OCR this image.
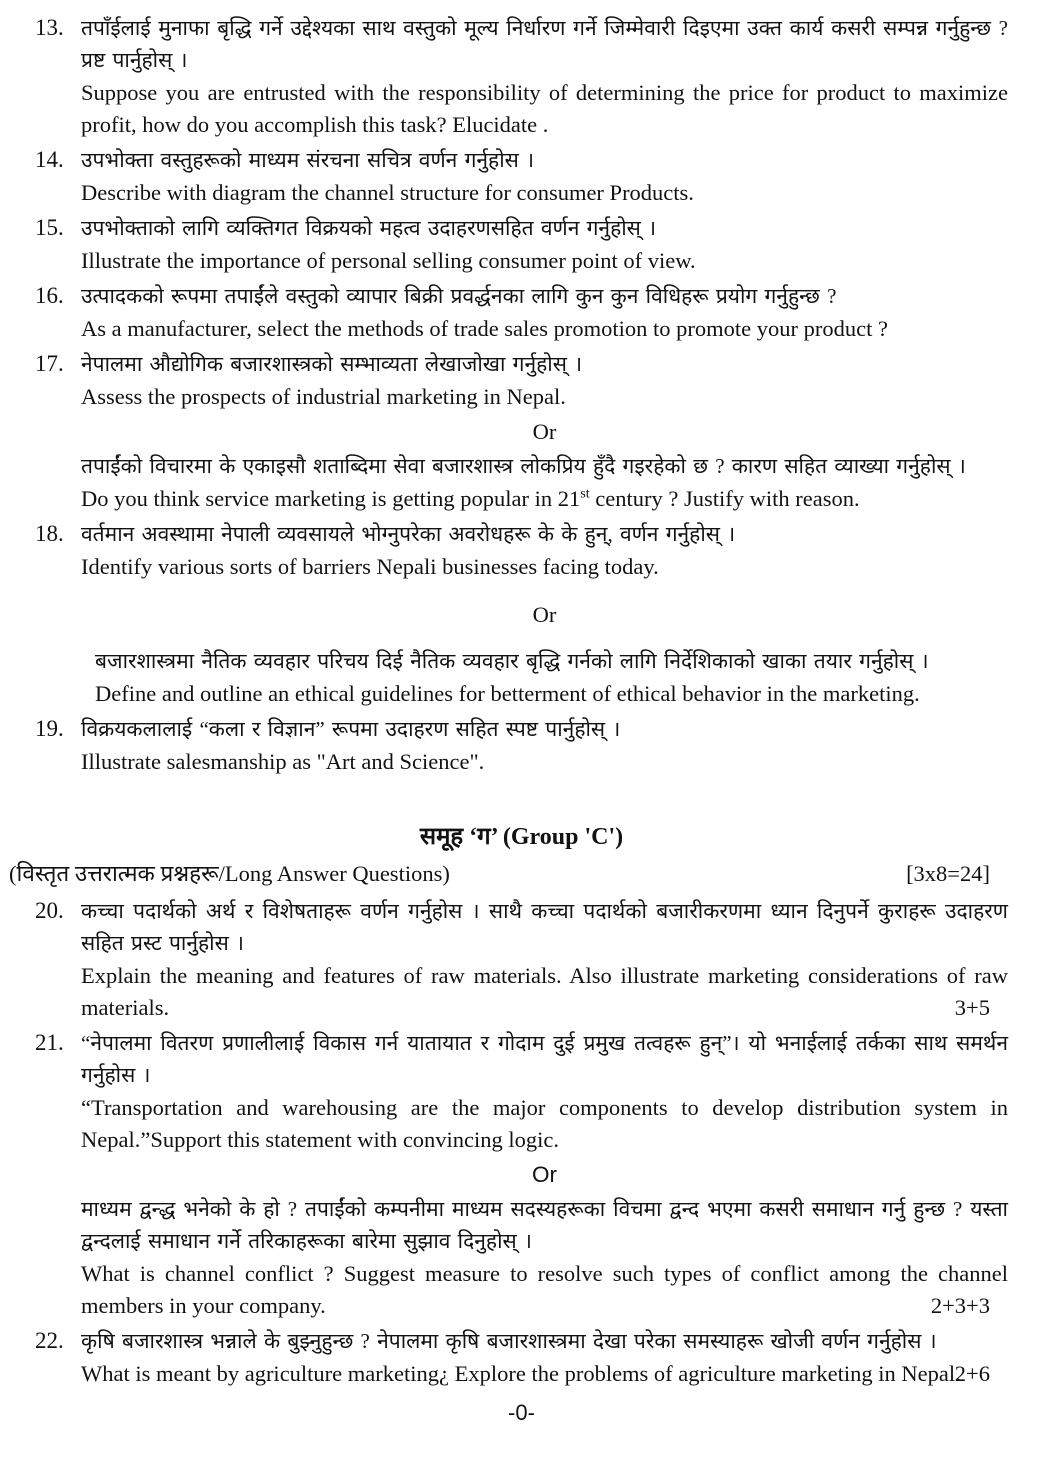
13. तपाँईलाई मुनाफा बृद्धि गर्ने उद्देश्यका साथ वस्तुको मूल्य निर्धारण गर्ने जिम्मेवारी दिइएमा उक्त कार्य कसरी सम्पन्न गर्नुहुन्छ ? प्रष्ट पार्नुहोस् ।

Suppose you are entrusted with the responsibility of determining the price for product to maximize profit, how do you accomplish this task? Elucidate .

14. उपभोक्ता वस्तुहरूको माध्यम संरचना सचित्र वर्णन गर्नुहोस ।

Describe with diagram the channel structure for consumer Products.

15. उपभोक्ताको लागि व्यक्तिगत विक्रयको महत्व उदाहरणसहित वर्णन गर्नुहोस् ।

Illustrate the importance of personal selling consumer point of view.

16. उत्पादकको रूपमा तपाईंले वस्तुको व्यापार बिक्री प्रवर्द्धनका लागि कुन कुन विधिहरू प्रयोग गर्नुहुन्छ ?

As a manufacturer, select the methods of trade sales promotion to promote your product ?

17. नेपालमा औद्योगिक बजारशास्त्रको सम्भाव्यता लेखाजोखा गर्नुहोस् ।

Assess the prospects of industrial marketing in Nepal.

Or

तपाईंको विचारमा के एकाइसौ शताब्दिमा सेवा बजारशास्त्र लोकप्रिय हुँदै गइरहेको छ ? कारण सहित व्याख्या गर्नुहोस् ।

Do you think service marketing is getting popular in 21st century ? Justify with reason.

18. वर्तमान अवस्थामा नेपाली व्यवसायले भोग्नुपरेका अवरोधहरू के के हुन्, वर्णन गर्नुहोस् ।

Identify various sorts of barriers Nepali businesses facing today.

Or

बजारशास्त्रमा नैतिक व्यवहार परिचय दिई नैतिक व्यवहार बृद्धि गर्नको लागि निर्देशिकाको खाका तयार गर्नुहोस् ।

Define and outline an ethical guidelines for betterment of ethical behavior in the marketing.

19. विक्रयकलालाई “कला र विज्ञान” रूपमा उदाहरण सहित स्पष्ट पार्नुहोस् ।

Illustrate salesmanship as "Art and Science".

समूह ‘ग’ (Group 'C')
(विस्तृत उत्तरात्मक प्रश्नहरू/Long Answer Questions)	[3x8=24]
20. कच्चा पदार्थको अर्थ र विशेषताहरू वर्णन गर्नुहोस । साथै कच्चा पदार्थको बजारीकरणमा ध्यान दिनुपर्ने कुराहरू उदाहरण सहित प्रस्ट पार्नुहोस ।

Explain the meaning and features of raw materials. Also illustrate marketing considerations of raw materials.	3+5
21. “नेपालमा वितरण प्रणालीलाई विकास गर्न यातायात र गोदाम दुई प्रमुख तत्वहरू हुन्”। यो भनाईलाई तर्कका साथ समर्थन गर्नुहोस ।

“Transportation and warehousing are the major components to develop distribution system in Nepal.”Support this statement with convincing logic.

Or

माध्यम द्वन्द्ध भनेको के हो ? तपाईंको कम्पनीमा माध्यम सदस्यहरूका विचमा द्वन्द भएमा कसरी समाधान गर्नु हुन्छ ? यस्ता द्वन्दलाई समाधान गर्ने तरिकाहरूका बारेमा सुझाव दिनुहोस् ।

What is channel conflict ? Suggest measure to resolve such types of conflict among the channel members in your company.	2+3+3
22. कृषि बजारशास्त्र भन्नाले के बुझ्नुहुन्छ ? नेपालमा कृषि बजारशास्त्रमा देखा परेका समस्याहरू खोजी वर्णन गर्नुहोस ।

What is meant by agriculture marketing¿ Explore the problems of agriculture marketing in Nepal.

2+6
-0-
